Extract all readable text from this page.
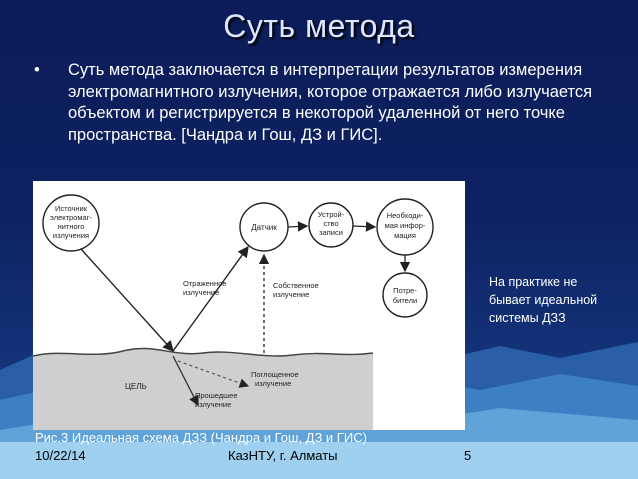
Суть метода
•	Суть метода заключается в интерпретации результатов измерения электромагнитного излучения, которое отражается либо излучается объектом и регистрируется в некоторой удаленной от него точке пространства. [Чандра и Гош, ДЗ и ГИС].
Источник
электромаг-
нитного
излучения
Датчик
Устрой-
ство
записи
Необходи-
мая инфор-
мация
Потре-
бители
Отраженное
излучение
Собственное
излучение
Поглощенное
излучение
Прошедшее
излучение
ЦЕЛЬ
На практике не бывает идеальной системы ДЗЗ
Рис.3 Идеальная схема ДЗЗ (Чандра и Гош, ДЗ и ГИС)
10/22/14	КазНТУ, г. Алматы	5
